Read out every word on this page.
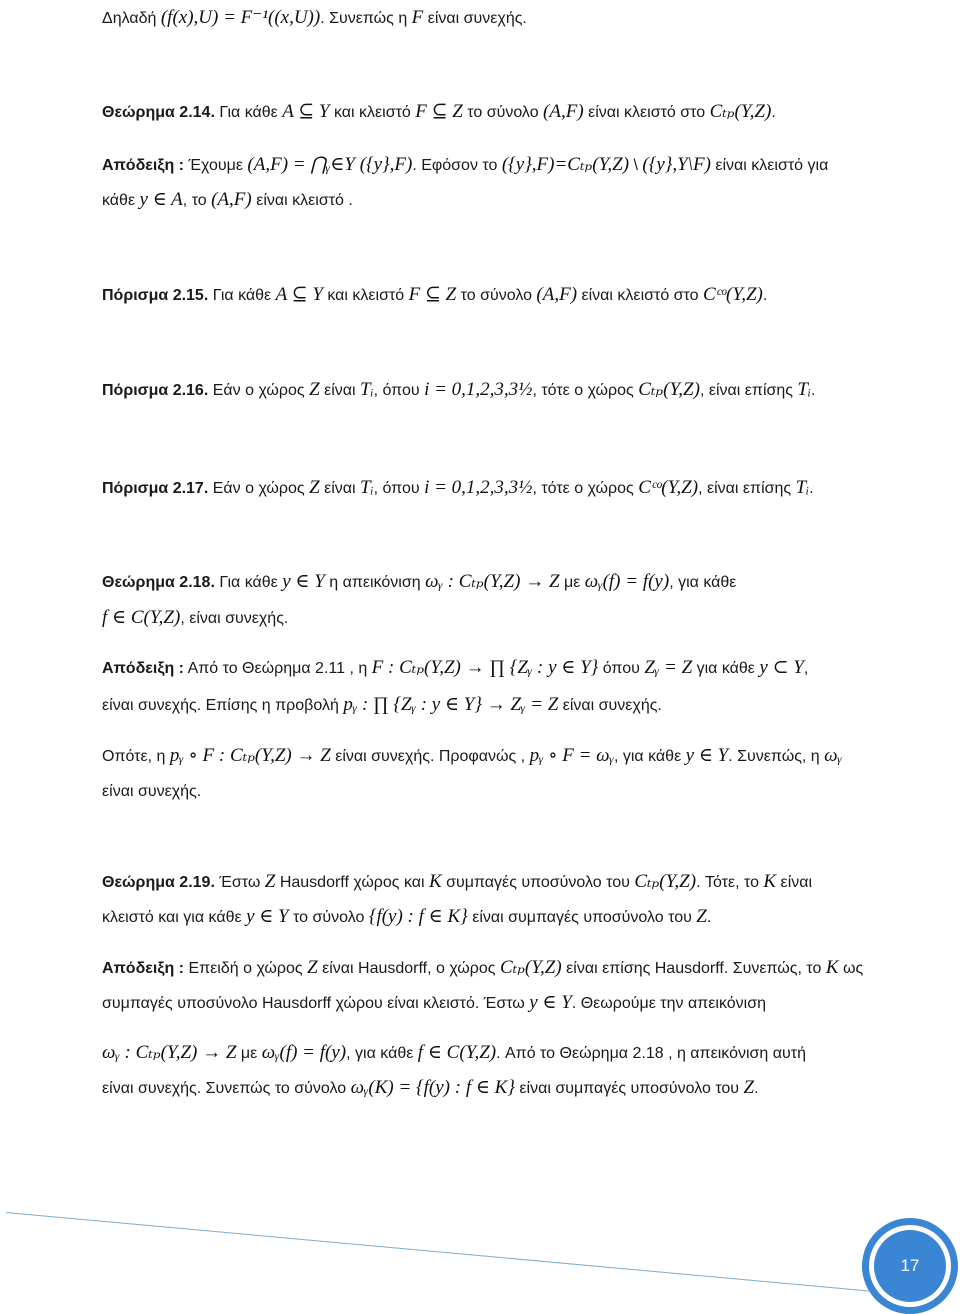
Δηλαδή (f(x),U) = F⁻¹((x,U)). Συνεπώς η F είναι συνεχής.
Θεώρημα 2.14. Για κάθε A ⊆ Y και κλειστό F ⊆ Z το σύνολο (A,F) είναι κλειστό στο Cₜₚ(Y,Z).
Απόδειξη : Έχουμε (A,F) = ⋂ᵧ∈Y ({y},F). Εφόσον το ({y},F)=Cₜₚ(Y,Z) \ ({y},Y\F) είναι κλειστό για
κάθε y ∈ A, το (A,F) είναι κλειστό .
Πόρισμα 2.15. Για κάθε A ⊆ Y και κλειστό F ⊆ Z το σύνολο (A,F) είναι κλειστό στο Cᶜᵒ(Y,Z).
Πόρισμα 2.16. Εάν ο χώρος Z είναι Tᵢ, όπου i = 0,1,2,3,3½, τότε ο χώρος Cₜₚ(Y,Z), είναι επίσης Tᵢ.
Πόρισμα 2.17. Εάν ο χώρος Z είναι Tᵢ, όπου i = 0,1,2,3,3½, τότε ο χώρος Cᶜᵒ(Y,Z), είναι επίσης Tᵢ.
Θεώρημα 2.18. Για κάθε y ∈ Y η απεικόνιση ωᵧ : Cₜₚ(Y,Z) → Z με ωᵧ(f) = f(y), για κάθε
f ∈ C(Y,Z), είναι συνεχής.
Απόδειξη : Από το Θεώρημα 2.11 , η F : Cₜₚ(Y,Z) → ∏ {Zᵧ : y ∈ Y} όπου Zᵧ = Z για κάθε y ⊂ Y,
είναι συνεχής. Επίσης η προβολή pᵧ : ∏ {Zᵧ : y ∈ Y} → Zᵧ = Z είναι συνεχής.
Οπότε, η pᵧ ∘ F : Cₜₚ(Y,Z) → Z είναι συνεχής. Προφανώς , pᵧ ∘ F = ωᵧ, για κάθε y ∈ Y. Συνεπώς, η ωᵧ
είναι συνεχής.
Θεώρημα 2.19. Έστω Z Hausdorff χώρος και K συμπαγές υποσύνολο του Cₜₚ(Y,Z). Τότε, το K είναι
κλειστό και για κάθε y ∈ Y το σύνολο {f(y) : f ∈ K} είναι συμπαγές υποσύνολο του Z.
Απόδειξη : Επειδή ο χώρος Z είναι Hausdorff, ο χώρος Cₜₚ(Y,Z) είναι επίσης Hausdorff. Συνεπώς, το K ως
συμπαγές υποσύνολο Hausdorff χώρου είναι κλειστό. Έστω y ∈ Y. Θεωρούμε την απεικόνιση
ωᵧ : Cₜₚ(Y,Z) → Z με ωᵧ(f) = f(y), για κάθε f ∈ C(Y,Z). Από το Θεώρημα 2.18 , η απεικόνιση αυτή
είναι συνεχής. Συνεπώς το σύνολο ωᵧ(K) = {f(y) : f ∈ K} είναι συμπαγές υποσύνολο του Z.
17
